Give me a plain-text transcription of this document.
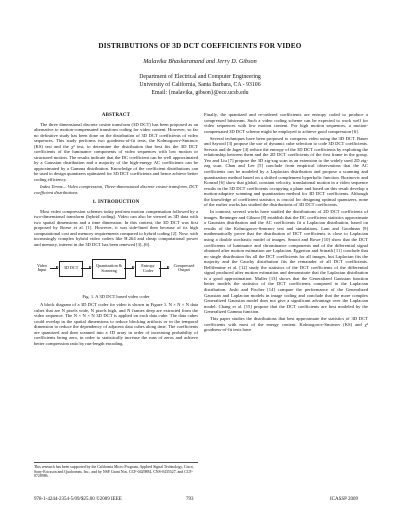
DISTRIBUTIONS OF 3D DCT COEFFICIENTS FOR VIDEO
Malavika Bhaskaranand and Jerry D. Gibson
Department of Electrical and Computer Engineering
University of California, Santa Barbara, CA - 93106
Email: {malavika, gibson}@ece.ucsb.edu
ABSTRACT

The three dimensional discrete cosine transform (3D DCT) has been proposed as an alternative to motion-compensated transform coding for video content. However, so far no definitive study has been done on the distribution of 3D DCT coefficients of video sequences. This study performs two goodness-of-fit tests, the Kolmogorov-Smirnov (KS) test and the χ² test, to determine the distribution that best fits the 3D DCT coefficients of the luminance components of video sequences with low motion or structured motion. The results indicate that the DC coefficient can be well approximated by a Gaussian distribution and a majority of the high-energy AC coefficients can be approximated by a Gamma distribution. Knowledge of the coefficient distributions can be used to design quantizers optimized for 3D DCT coefficients and hence achieve better coding efficiency.

Index Terms— Video compression, Three-dimensional discrete cosine transform, DCT coefficient distributions

1. INTRODUCTION

Most video compression schemes today perform motion compensation followed by a two-dimensional transform (hybrid coding). Video can also be viewed as 3D data with two spatial dimensions and a time dimension. In this context, the 3D DCT was first proposed by Roese et al. [1]. However, it was side-lined then because of its high computational cost and memory requirements compared to hybrid coding [2]. Now, with increasingly complex hybrid video coders like H.264 and cheap computational power and memory, interest in the 3D DCT has been renewed [3]–[6].

Video Input	3D DCT	Quantization & Scanning
Entropy Coder
Compressed Output
Fig. 1. A 3D DCT based video coder

A block diagram of a 3D DCT coder for video is shown in Figure 1. N × N × N data cubes that are N pixels wide, N pixels high, and N frames deep are extracted from the video sequence. The N × N × N 3D DCT is applied on each data cube. The data cubes could overlap in the spatial dimensions to reduce blocking artifacts or in the temporal dimension to reduce the dependency of adjacent data cubes along time. The coefficients are quantized and then scanned into a 1D array in order of increasing probability of coefficients being zero, in order to statistically increase the runs of zeros and achieve better compression ratio by run-length encoding.

This research has been supported by the California Micro Program, Applied Signal Technology, Cisco, Sony-Ericsson and Qualcomm, Inc., and by NSF Grant Nos. CCF-0429884, CNS-0435527, and CCF-0728986.

Finally, the quantized and re-ordered coefficients are entropy coded to produce a compressed bitstream. Such a video coding scheme can be expected to work well for video sequences with low motion content. For high motion sequences, a motion-compensated 3D DCT scheme might be employed to achieve good compression [6].

Several techniques have been proposed to compress video using the 3D DCT. Bauer and Sayood [3] propose the use of dynamic cube selection to code 3D DCT coefficients. Servais and de Jager [4] reduce the entropy of the 3D DCT coefficients by exploiting the relationship between them and the 2D DCT coefficients of the first frame in the group. Yeo and Liu [7] propose the 3D zig-zag scan as an extension to the widely used 2D zig-zag scan. Chan and Lee [5] conclude from empirical observations that the AC coefficients can be modeled by a Laplacian distribution and propose a scanning and quantization method based on a shifted complement hyperbolic function. Bozinovic and Konrad [6] show that global, constant velocity, translational motion in a video sequence results in the 3D DCT coefficients occupying a plane and based on this result develop a motion-adaptive scanning and quantization method for 3D DCT coefficients. Although the knowledge of coefficient statistics is crucial for designing optimal quantizers, none of the earlier works has studied the distributions of 3D DCT coefficients.

In contrast, several works have studied the distributions of 2D DCT coefficients of images. Reininger and Gibson [8] establish that the DC coefficient statistics approximate a Gaussian distribution and the AC coefficients fit a Laplacian distribution, based on results of the Kolmogorov-Smirnov test and simulations. Lam and Goodman [9] mathematically prove that the distribution of DCT coefficients is close to Laplacian using a double stochastic model of images. Smoot and Rowe [10] show that the DCT coefficients of luminance and chrominance components and of the differential signal obtained after motion estimation are Laplacian. Eggerton and Srinath [11] conclude that no single distribution fits all the DCT coefficients for all images, but Laplacian fits the majority and the Cauchy distribution fits the remainder of all DCT coefficients. Bellifemine et al. [12] study the statistics of the DCT coefficients of the differential signal produced after motion estimation and demonstrate that the Laplacian distribution is a good approximation. Muller [13] shows that the Generalized Gaussian function better models the statistics of the DCT coefficients compared to the Laplacian distribution. Joshi and Fischer [14] compare the performance of the Generalized Gaussian and Laplacian models in image coding and conclude that the more complex Generalized Gaussian model does not give a significant advantage over the Laplacian model. Chang et al. [15] propose that the DCT coefficients are best modeled by the Generalized Gamma function.

This paper studies the distributions that best approximate the statistics of 3D DCT coefficients with most of the energy content. Kolmogorov-Smirnov (KS) and χ² goodness-of-fit tests have

978-1-4244-2354-5/09/$25.00 ©2009 IEEE	793	ICASSP 2009
